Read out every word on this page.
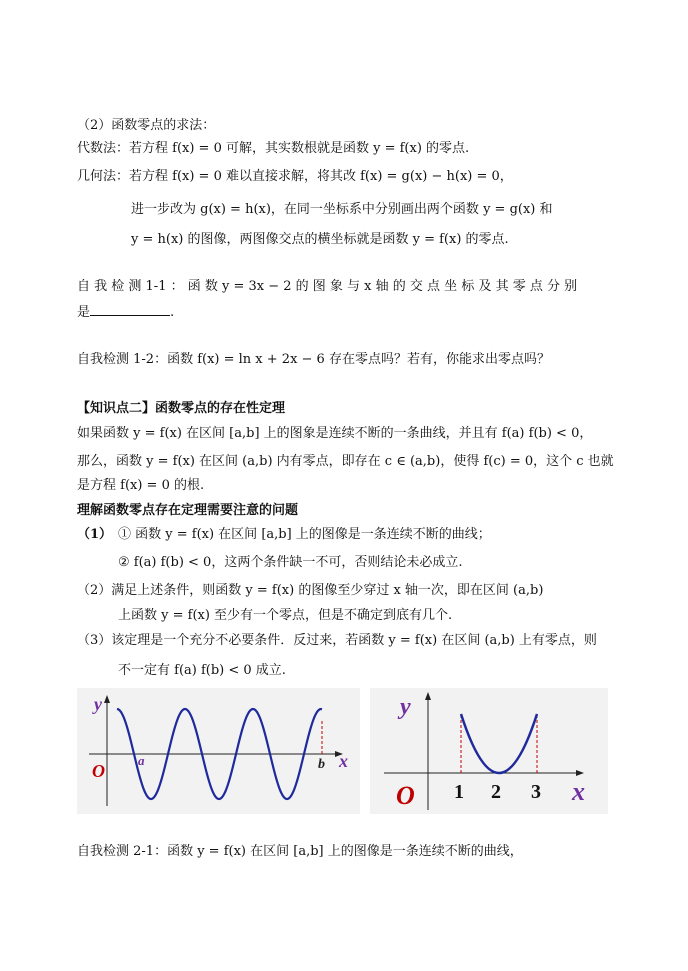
（2）函数零点的求法：
代数法：若方程 f(x) = 0 可解，其实数根就是函数 y = f(x) 的零点.
几何法：若方程 f(x) = 0 难以直接求解，将其改 f(x) = g(x) − h(x) = 0，
进一步改为 g(x) = h(x)，在同一坐标系中分别画出两个函数 y = g(x) 和
y = h(x) 的图像，两图像交点的横坐标就是函数 y = f(x) 的零点.
自 我 检 测 1-1 ： 函 数 y = 3x − 2 的 图 象 与 x 轴 的 交 点 坐 标 及 其 零 点 分 别
是	.
自我检测 1-2：函数 f(x) = ln x + 2x − 6 存在零点吗？若有，你能求出零点吗？
【知识点二】函数零点的存在性定理
如果函数 y = f(x) 在区间 [a,b] 上的图象是连续不断的一条曲线，并且有 f(a) f(b) < 0，
那么，函数 y = f(x) 在区间 (a,b) 内有零点，即存在 c ∈ (a,b)，使得 f(c) = 0，这个 c 也就
是方程 f(x) = 0 的根.
理解函数零点存在定理需要注意的问题
（1） ① 函数 y = f(x) 在区间 [a,b] 上的图像是一条连续不断的曲线；
② f(a) f(b) < 0，这两个条件缺一不可，否则结论未必成立.
（2）满足上述条件，则函数 y = f(x) 的图像至少穿过 x 轴一次，即在区间 (a,b)
上函数 y = f(x) 至少有一个零点，但是不确定到底有几个.
（3）该定理是一个充分不必要条件．反过来，若函数 y = f(x) 在区间 (a,b) 上有零点，则
不一定有 f(a) f(b) < 0 成立.
y
O
a	b x
y
O 1 2 3 x
自我检测 2-1：函数 y = f(x) 在区间 [a,b] 上的图像是一条连续不断的曲线，
